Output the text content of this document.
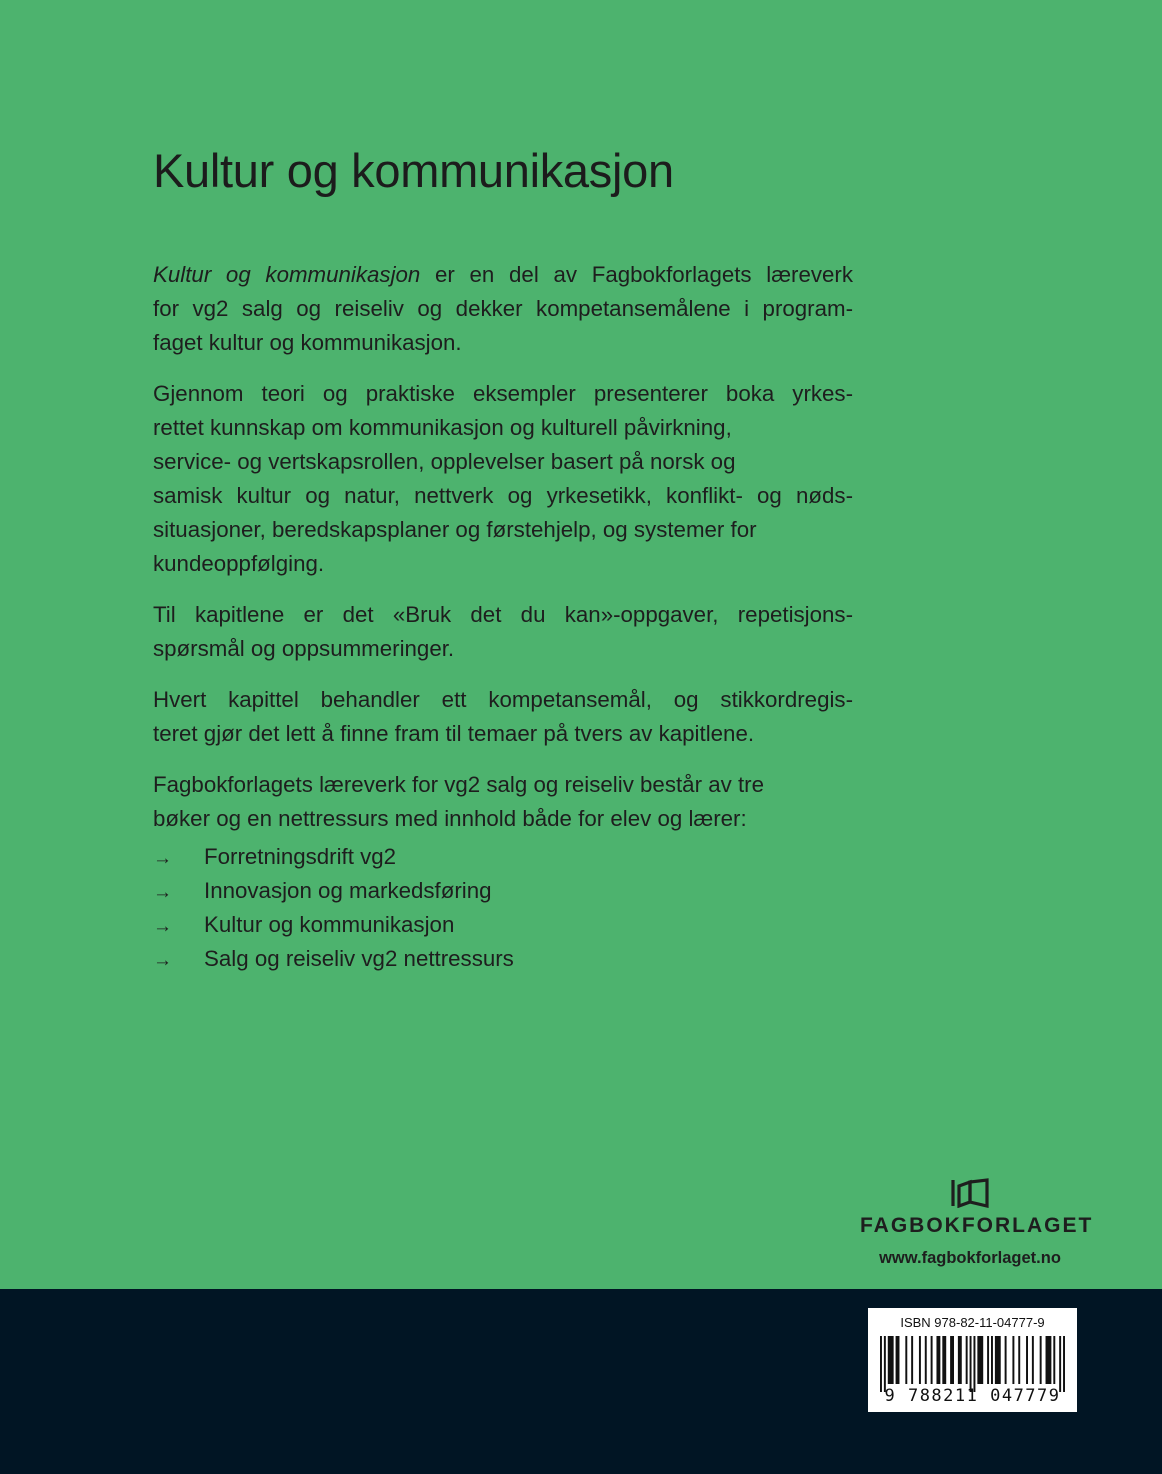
Kultur og kommunikasjon

Kultur og kommunikasjon er en del av Fagbokforlagets læreverk
for vg2 salg og reiseliv og dekker kompetansemålene i program-
faget kultur og kommunikasjon.

Gjennom teori og praktiske eksempler presenterer boka yrkes-
rettet kunnskap om kommunikasjon og kulturell påvirkning,
service- og vertskapsrollen, opplevelser basert på norsk og
samisk kultur og natur, nettverk og yrkesetikk, konflikt- og nøds-
situasjoner, beredskapsplaner og førstehjelp, og systemer for
kundeoppfølging.

Til kapitlene er det «Bruk det du kan»-oppgaver, repetisjons-
spørsmål og oppsummeringer.

Hvert kapittel behandler ett kompetansemål, og stikkordregis-
teret gjør det lett å finne fram til temaer på tvers av kapitlene.

Fagbokforlagets læreverk for vg2 salg og reiseliv består av tre
bøker og en nettressurs med innhold både for elev og lærer:

→	Forretningsdrift vg2
→	Innovasjon og markedsføring
→	Kultur og kommunikasjon
→	Salg og reiseliv vg2 nettressurs
FAGBOKFORLAGET
www.fagbokforlaget.no
ISBN 978-82-11-04777-9
9 788211 047779
